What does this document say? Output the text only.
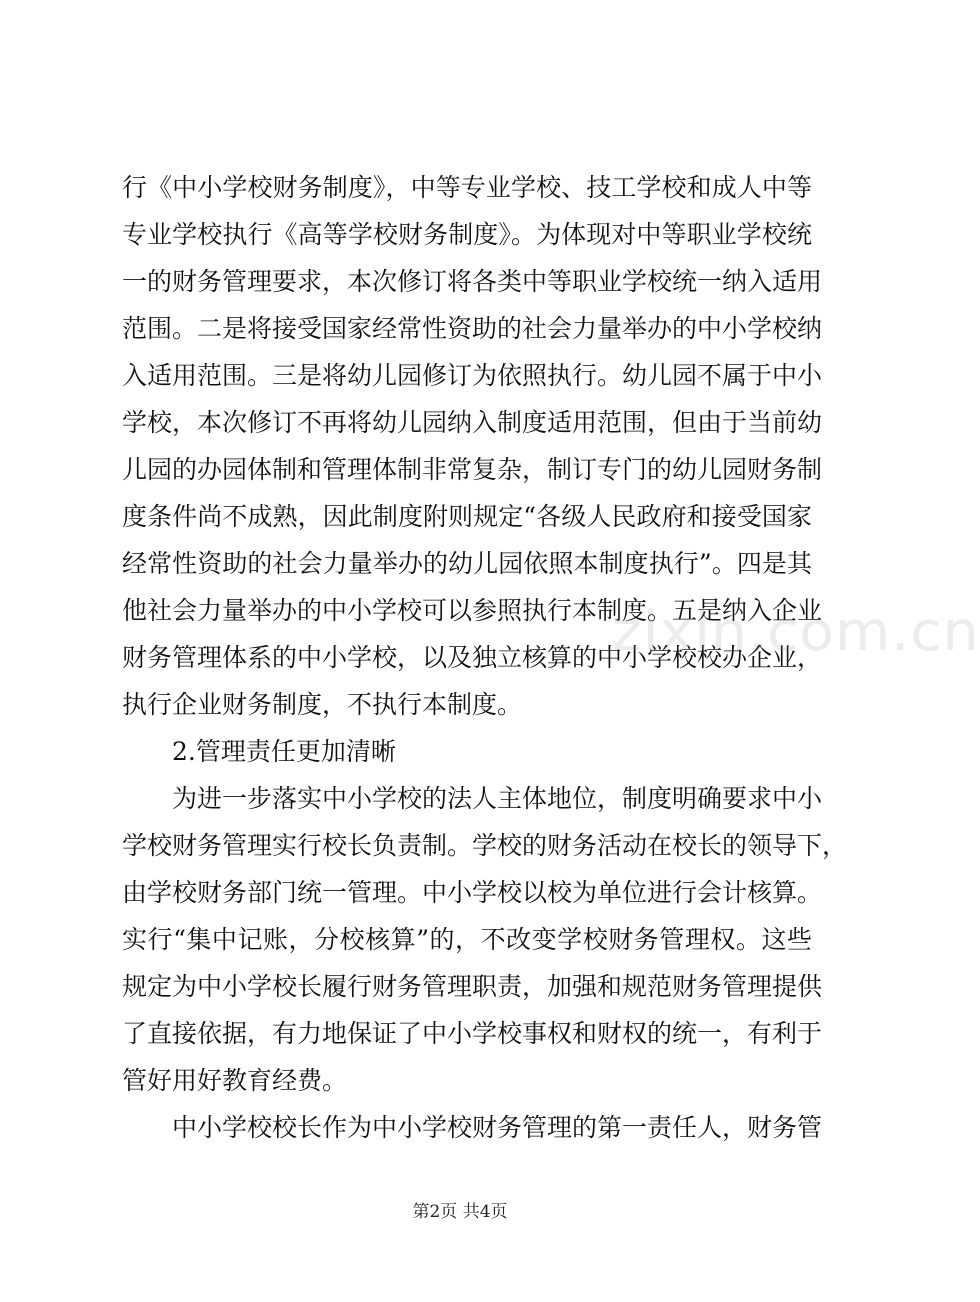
行《中小学校财务制度》，中等专业学校、技工学校和成人中等
专业学校执行《高等学校财务制度》。为体现对中等职业学校统
一的财务管理要求，本次修订将各类中等职业学校统一纳入适用
范围。二是将接受国家经常性资助的社会力量举办的中小学校纳
入适用范围。三是将幼儿园修订为依照执行。幼儿园不属于中小
学校，本次修订不再将幼儿园纳入制度适用范围，但由于当前幼
儿园的办园体制和管理体制非常复杂，制订专门的幼儿园财务制
度条件尚不成熟，因此制度附则规定“各级人民政府和接受国家
经常性资助的社会力量举办的幼儿园依照本制度执行”。四是其
他社会力量举办的中小学校可以参照执行本制度。五是纳入企业
财务管理体系的中小学校，以及独立核算的中小学校校办企业，
执行企业财务制度，不执行本制度。
2.管理责任更加清晰
为进一步落实中小学校的法人主体地位，制度明确要求中小
学校财务管理实行校长负责制。学校的财务活动在校长的领导下，
由学校财务部门统一管理。中小学校以校为单位进行会计核算。
实行“集中记账，分校核算”的，不改变学校财务管理权。这些
规定为中小学校长履行财务管理职责，加强和规范财务管理提供
了直接依据，有力地保证了中小学校事权和财权的统一，有利于
管好用好教育经费。
中小学校校长作为中小学校财务管理的第一责任人，财务管
zixin.com.cn
第2页 共4页
